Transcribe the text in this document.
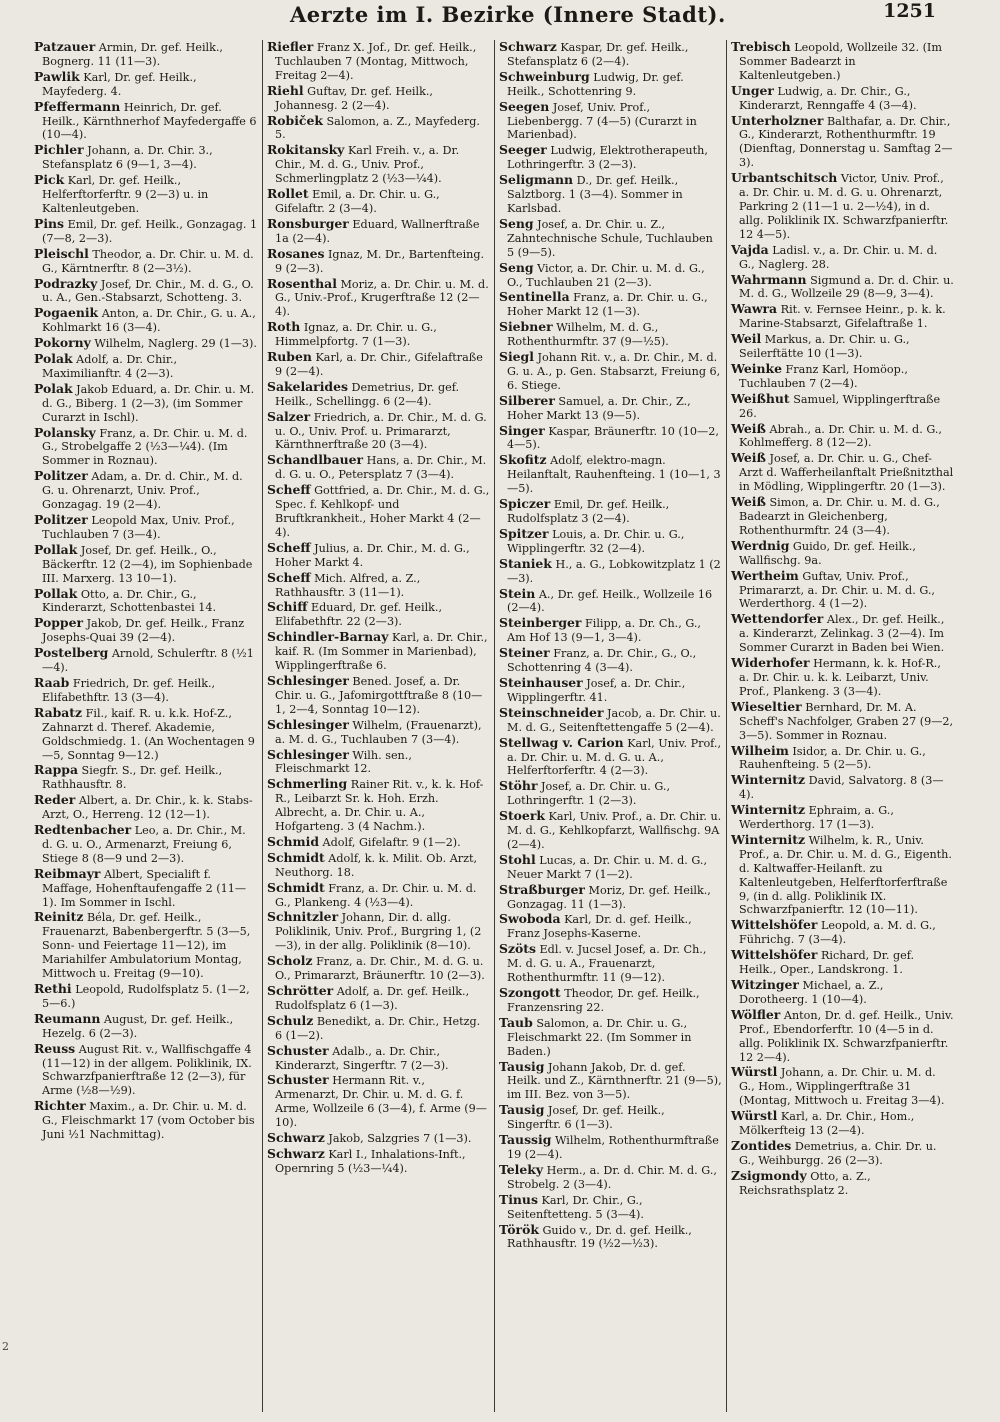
Aerzte im I. Bezirke (Innere Stadt).	1251
Patzauer Armin, Dr. gef. Heilk., Bognerg. 11 (11—3).
Pawlik Karl, Dr. gef. Heilk., Mayfederg. 4.
Pfeffermann Heinrich, Dr. gef. Heilk., Kärnthnerhof Mayfedergaffe 6 (10—4).
Pichler Johann, a. Dr. Chir. 3., Stefansplatz 6 (9—1, 3—4).
Pick Karl, Dr. gef. Heilk., Helferftorferftr. 9 (2—3) u. in Kaltenleutgeben.
Pins Emil, Dr. gef. Heilk., Gonzagag. 1 (7—8, 2—3).
Pleischl Theodor, a. Dr. Chir. u. M. d. G., Kärntnerftr. 8 (2—3½).
Podrazky Josef, Dr. Chir., M. d. G., O. u. A., Gen.-Stabsarzt, Schotteng. 3.
Pogaenik Anton, a. Dr. Chir., G. u. A., Kohlmarkt 16 (3—4).
Pokorny Wilhelm, Naglerg. 29 (1—3).
Polak Adolf, a. Dr. Chir., Maximilianftr. 4 (2—3).
Polak Jakob Eduard, a. Dr. Chir. u. M. d. G., Biberg. 1 (2—3), (im Sommer Curarzt in Ischl).
Polansky Franz, a. Dr. Chir. u. M. d. G., Strobelgaffe 2 (½3—¼4). (Im Sommer in Roznau).
Politzer Adam, a. Dr. d. Chir., M. d. G. u. Ohrenarzt, Univ. Prof., Gonzagag. 19 (2—4).
Politzer Leopold Max, Univ. Prof., Tuchlauben 7 (3—4).
Pollak Josef, Dr. gef. Heilk., O., Bäckerftr. 12 (2—4), im Sophienbade III. Marxerg. 13 10—1).
Pollak Otto, a. Dr. Chir., G., Kinderarzt, Schottenbastei 14.
Popper Jakob, Dr. gef. Heilk., Franz Josephs-Quai 39 (2—4).
Postelberg Arnold, Schulerftr. 8 (½1—4).
Raab Friedrich, Dr. gef. Heilk., Elifabethftr. 13 (3—4).
Rabatz Fil., kaif. R. u. k.k. Hof-Z., Zahnarzt d. Theref. Akademie, Goldschmiedg. 1. (An Wochentagen 9—5, Sonntag 9—12.)
Rappa Siegfr. S., Dr. gef. Heilk., Rathhausftr. 8.
Reder Albert, a. Dr. Chir., k. k. Stabs-Arzt, O., Herreng. 12 (12—1).
Redtenbacher Leo, a. Dr. Chir., M. d. G. u. O., Armenarzt, Freiung 6, Stiege 8 (8—9 und 2—3).
Reibmayr Albert, Specialift f. Maffage, Hohenftaufengaffe 2 (11—1). Im Sommer in Ischl.
Reinitz Béla, Dr. gef. Heilk., Frauenarzt, Babenbergerftr. 5 (3—5, Sonn- und Feiertage 11—12), im Mariahilfer Ambulatorium Montag, Mittwoch u. Freitag (9—10).
Rethi Leopold, Rudolfsplatz 5. (1—2, 5—6.)
Reumann August, Dr. gef. Heilk., Hezelg. 6 (2—3).
Reuss August Rit. v., Wallfischgaffe 4 (11—12) in der allgem. Poliklinik, IX. Schwarzfpanierftraße 12 (2—3), für Arme (½8—½9).
Richter Maxim., a. Dr. Chir. u. M. d. G., Fleischmarkt 17 (vom October bis Juni ½1 Nachmittag).
Riefler Franz X. Jof., Dr. gef. Heilk., Tuchlauben 7 (Montag, Mittwoch, Freitag 2—4).
Riehl Guftav, Dr. gef. Heilk., Johannesg. 2 (2—4).
Robiček Salomon, a. Z., Mayfederg. 5.
Rokitansky Karl Freih. v., a. Dr. Chir., M. d. G., Univ. Prof., Schmerlingplatz 2 (½3—¼4).
Rollet Emil, a. Dr. Chir. u. G., Gifelaftr. 2 (3—4).
Ronsburger Eduard, Wallnerftraße 1a (2—4).
Rosanes Ignaz, M. Dr., Bartenfteing. 9 (2—3).
Rosenthal Moriz, a. Dr. Chir. u. M. d. G., Univ.-Prof., Krugerftraße 12 (2—4).
Roth Ignaz, a. Dr. Chir. u. G., Himmelpfortg. 7 (1—3).
Ruben Karl, a. Dr. Chir., Gifelaftraße 9 (2—4).
Sakelarides Demetrius, Dr. gef. Heilk., Schellingg. 6 (2—4).
Salzer Friedrich, a. Dr. Chir., M. d. G. u. O., Univ. Prof. u. Primararzt, Kärnthnerftraße 20 (3—4).
Schandlbauer Hans, a. Dr. Chir., M. d. G. u. O., Petersplatz 7 (3—4).
Scheff Gottfried, a. Dr. Chir., M. d. G., Spec. f. Kehlkopf- und Bruftkrankheit., Hoher Markt 4 (2—4).
Scheff Julius, a. Dr. Chir., M. d. G., Hoher Markt 4.
Scheff Mich. Alfred, a. Z., Rathhausftr. 3 (11—1).
Schiff Eduard, Dr. gef. Heilk., Elifabethftr. 22 (2—3).
Schindler-Barnay Karl, a. Dr. Chir., kaif. R. (Im Sommer in Marienbad), Wipplingerftraße 6.
Schlesinger Bened. Josef, a. Dr. Chir. u. G., Jafomirgottftraße 8 (10—1, 2—4, Sonntag 10—12).
Schlesinger Wilhelm, (Frauenarzt), a. M. d. G., Tuchlauben 7 (3—4).
Schlesinger Wilh. sen., Fleischmarkt 12.
Schmerling Rainer Rit. v., k. k. Hof-R., Leibarzt Sr. k. Hoh. Erzh. Albrecht, a. Dr. Chir. u. A., Hofgarteng. 3 (4 Nachm.).
Schmid Adolf, Gifelaftr. 9 (1—2).
Schmidt Adolf, k. k. Milit. Ob. Arzt, Neuthorg. 18.
Schmidt Franz, a. Dr. Chir. u. M. d. G., Plankeng. 4 (½3—4).
Schnitzler Johann, Dir. d. allg. Poliklinik, Univ. Prof., Burgring 1, (2—3), in der allg. Poliklinik (8—10).
Scholz Franz, a. Dr. Chir., M. d. G. u. O., Primararzt, Bräunerftr. 10 (2—3).
Schrötter Adolf, a. Dr. gef. Heilk., Rudolfsplatz 6 (1—3).
Schulz Benedikt, a. Dr. Chir., Hetzg. 6 (1—2).
Schuster Adalb., a. Dr. Chir., Kinderarzt, Singerftr. 7 (2—3).
Schuster Hermann Rit. v., Armenarzt, Dr. Chir. u. M. d. G. f. Arme, Wollzeile 6 (3—4), f. Arme (9—10).
Schwarz Jakob, Salzgries 7 (1—3).
Schwarz Karl I., Inhalations-Inft., Opernring 5 (½3—¼4).
Schwarz Kaspar, Dr. gef. Heilk., Stefansplatz 6 (2—4).
Schweinburg Ludwig, Dr. gef. Heilk., Schottenring 9.
Seegen Josef, Univ. Prof., Liebenbergg. 7 (4—5) (Curarzt in Marienbad).
Seeger Ludwig, Elektrotherapeuth, Lothringerftr. 3 (2—3).
Seligmann D., Dr. gef. Heilk., Salztborg. 1 (3—4). Sommer in Karlsbad.
Seng Josef, a. Dr. Chir. u. Z., Zahntechnische Schule, Tuchlauben 5 (9—5).
Seng Victor, a. Dr. Chir. u. M. d. G., O., Tuchlauben 21 (2—3).
Sentinella Franz, a. Dr. Chir. u. G., Hoher Markt 12 (1—3).
Siebner Wilhelm, M. d. G., Rothenthurmftr. 37 (9—½5).
Siegl Johann Rit. v., a. Dr. Chir., M. d. G. u. A., p. Gen. Stabsarzt, Freiung 6, 6. Stiege.
Silberer Samuel, a. Dr. Chir., Z., Hoher Markt 13 (9—5).
Singer Kaspar, Bräunerftr. 10 (10—2, 4—5).
Skofitz Adolf, elektro-magn. Heilanftalt, Rauhenfteing. 1 (10—1, 3—5).
Spiczer Emil, Dr. gef. Heilk., Rudolfsplatz 3 (2—4).
Spitzer Louis, a. Dr. Chir. u. G., Wipplingerftr. 32 (2—4).
Staniek H., a. G., Lobkowitzplatz 1 (2—3).
Stein A., Dr. gef. Heilk., Wollzeile 16 (2—4).
Steinberger Filipp, a. Dr. Ch., G., Am Hof 13 (9—1, 3—4).
Steiner Franz, a. Dr. Chir., G., O., Schottenring 4 (3—4).
Steinhauser Josef, a. Dr. Chir., Wipplingerftr. 41.
Steinschneider Jacob, a. Dr. Chir. u. M. d. G., Seitenftettengaffe 5 (2—4).
Stellwag v. Carion Karl, Univ. Prof., a. Dr. Chir. u. M. d. G. u. A., Helferftorferftr. 4 (2—3).
Stöhr Josef, a. Dr. Chir. u. G., Lothringerftr. 1 (2—3).
Stoerk Karl, Univ. Prof., a. Dr. Chir. u. M. d. G., Kehlkopfarzt, Wallfischg. 9A (2—4).
Stohl Lucas, a. Dr. Chir. u. M. d. G., Neuer Markt 7 (1—2).
Straßburger Moriz, Dr. gef. Heilk., Gonzagag. 11 (1—3).
Swoboda Karl, Dr. d. gef. Heilk., Franz Josephs-Kaserne.
Szöts Edl. v. Jucsel Josef, a. Dr. Ch., M. d. G. u. A., Frauenarzt, Rothenthurmftr. 11 (9—12).
Szongott Theodor, Dr. gef. Heilk., Franzensring 22.
Taub Salomon, a. Dr. Chir. u. G., Fleischmarkt 22. (Im Sommer in Baden.)
Tausig Johann Jakob, Dr. d. gef. Heilk. und Z., Kärnthnerftr. 21 (9—5), im III. Bez. von 3—5).
Tausig Josef, Dr. gef. Heilk., Singerftr. 6 (1—3).
Taussig Wilhelm, Rothenthurmftraße 19 (2—4).
Teleky Herm., a. Dr. d. Chir. M. d. G., Strobelg. 2 (3—4).
Tinus Karl, Dr. Chir., G., Seitenftetteng. 5 (3—4).
Török Guido v., Dr. d. gef. Heilk., Rathhausftr. 19 (½2—½3).
Trebisch Leopold, Wollzeile 32. (Im Sommer Badearzt in Kaltenleutgeben.)
Unger Ludwig, a. Dr. Chir., G., Kinderarzt, Renngaffe 4 (3—4).
Unterholzner Balthafar, a. Dr. Chir., G., Kinderarzt, Rothenthurmftr. 19 (Dienftag, Donnerstag u. Samftag 2—3).
Urbantschitsch Victor, Univ. Prof., a. Dr. Chir. u. M. d. G. u. Ohrenarzt, Parkring 2 (11—1 u. 2—½4), in d. allg. Poliklinik IX. Schwarzfpanierftr. 12 4—5).
Vajda Ladisl. v., a. Dr. Chir. u. M. d. G., Naglerg. 28.
Wahrmann Sigmund a. Dr. d. Chir. u. M. d. G., Wollzeile 29 (8—9, 3—4).
Wawra Rit. v. Fernsee Heinr., p. k. k. Marine-Stabsarzt, Gifelaftraße 1.
Weil Markus, a. Dr. Chir. u. G., Seilerftätte 10 (1—3).
Weinke Franz Karl, Homöop., Tuchlauben 7 (2—4).
Weißhut Samuel, Wipplingerftraße 26.
Weiß Abrah., a. Dr. Chir. u. M. d. G., Kohlmefferg. 8 (12—2).
Weiß Josef, a. Dr. Chir. u. G., Chef-Arzt d. Wafferheilanftalt Prießnitzthal in Mödling, Wipplingerftr. 20 (1—3).
Weiß Simon, a. Dr. Chir. u. M. d. G., Badearzt in Gleichenberg, Rothenthurmftr. 24 (3—4).
Werdnig Guido, Dr. gef. Heilk., Wallfischg. 9a.
Wertheim Guftav, Univ. Prof., Primararzt, a. Dr. Chir. u. M. d. G., Werderthorg. 4 (1—2).
Wettendorfer Alex., Dr. gef. Heilk., a. Kinderarzt, Zelinkag. 3 (2—4). Im Sommer Curarzt in Baden bei Wien.
Widerhofer Hermann, k. k. Hof-R., a. Dr. Chir. u. k. k. Leibarzt, Univ. Prof., Plankeng. 3 (3—4).
Wieseltier Bernhard, Dr. M. A. Scheff's Nachfolger, Graben 27 (9—2, 3—5). Sommer in Roznau.
Wilheim Isidor, a. Dr. Chir. u. G., Rauhenfteing. 5 (2—5).
Winternitz David, Salvatorg. 8 (3—4).
Winternitz Ephraim, a. G., Werderthorg. 17 (1—3).
Winternitz Wilhelm, k. R., Univ. Prof., a. Dr. Chir. u. M. d. G., Eigenth. d. Kaltwaffer-Heilanft. zu Kaltenleutgeben, Helferftorferftraße 9, (in d. allg. Poliklinik IX. Schwarzfpanierftr. 12 (10—11).
Wittelshöfer Leopold, a. M. d. G., Führichg. 7 (3—4).
Wittelshöfer Richard, Dr. gef. Heilk., Oper., Landskrong. 1.
Witzinger Michael, a. Z., Dorotheerg. 1 (10—4).
Wölfler Anton, Dr. d. gef. Heilk., Univ. Prof., Ebendorferftr. 10 (4—5 in d. allg. Poliklinik IX. Schwarzfpanierftr. 12 2—4).
Würstl Johann, a. Dr. Chir. u. M. d. G., Hom., Wipplingerftraße 31 (Montag, Mittwoch u. Freitag 3—4).
Würstl Karl, a. Dr. Chir., Hom., Mölkerfteig 13 (2—4).
Zontides Demetrius, a. Chir. Dr. u. G., Weihburgg. 26 (2—3).
Zsigmondy Otto, a. Z., Reichsrathsplatz 2.
2
